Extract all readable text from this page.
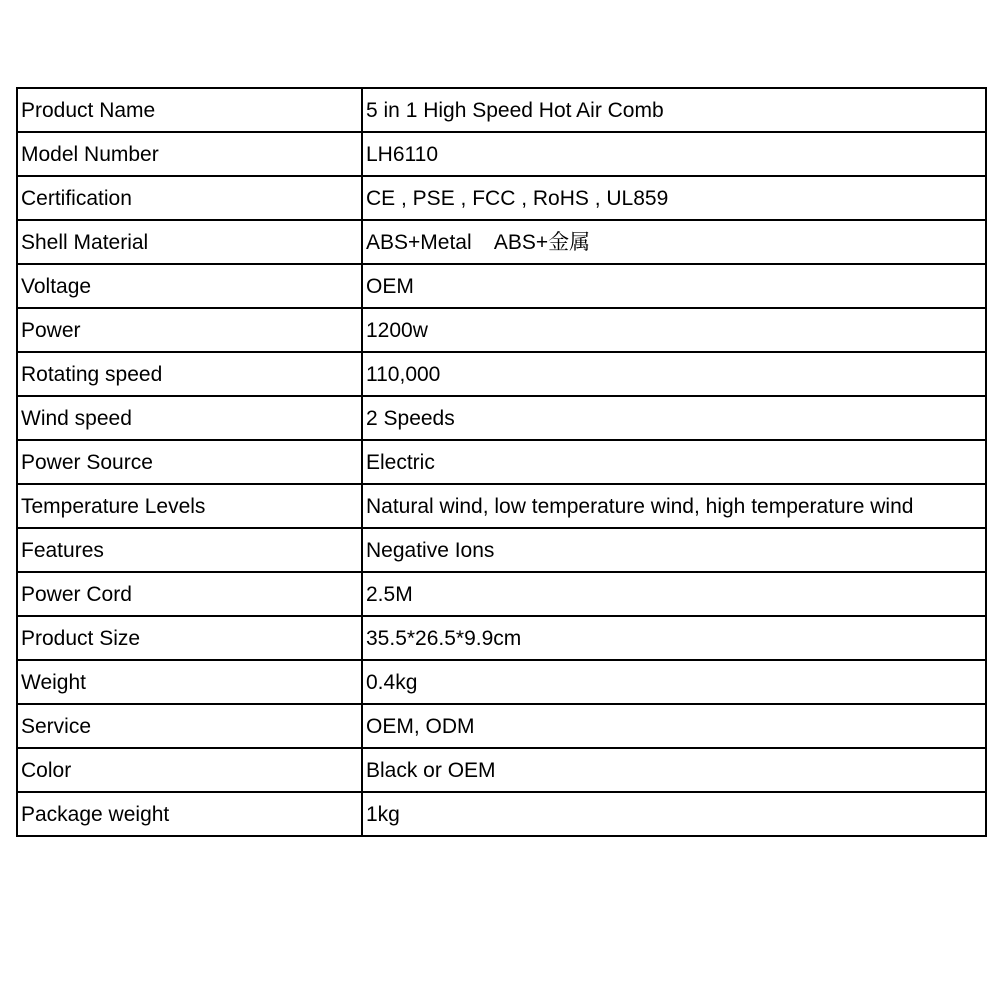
Product Name	5 in 1 High Speed Hot Air Comb
Model Number	LH6110
Certification	CE , PSE , FCC , RoHS , UL859
Shell Material	ABS+Metal    ABS+金属
Voltage	OEM
Power	1200w
Rotating speed	110,000
Wind speed	2 Speeds
Power Source	Electric
Temperature Levels	Natural wind, low temperature wind, high temperature wind
Features	Negative Ions
Power Cord	2.5M
Product Size	35.5*26.5*9.9cm
Weight	0.4kg
Service	OEM, ODM
Color	Black or OEM
Package weight	1kg
